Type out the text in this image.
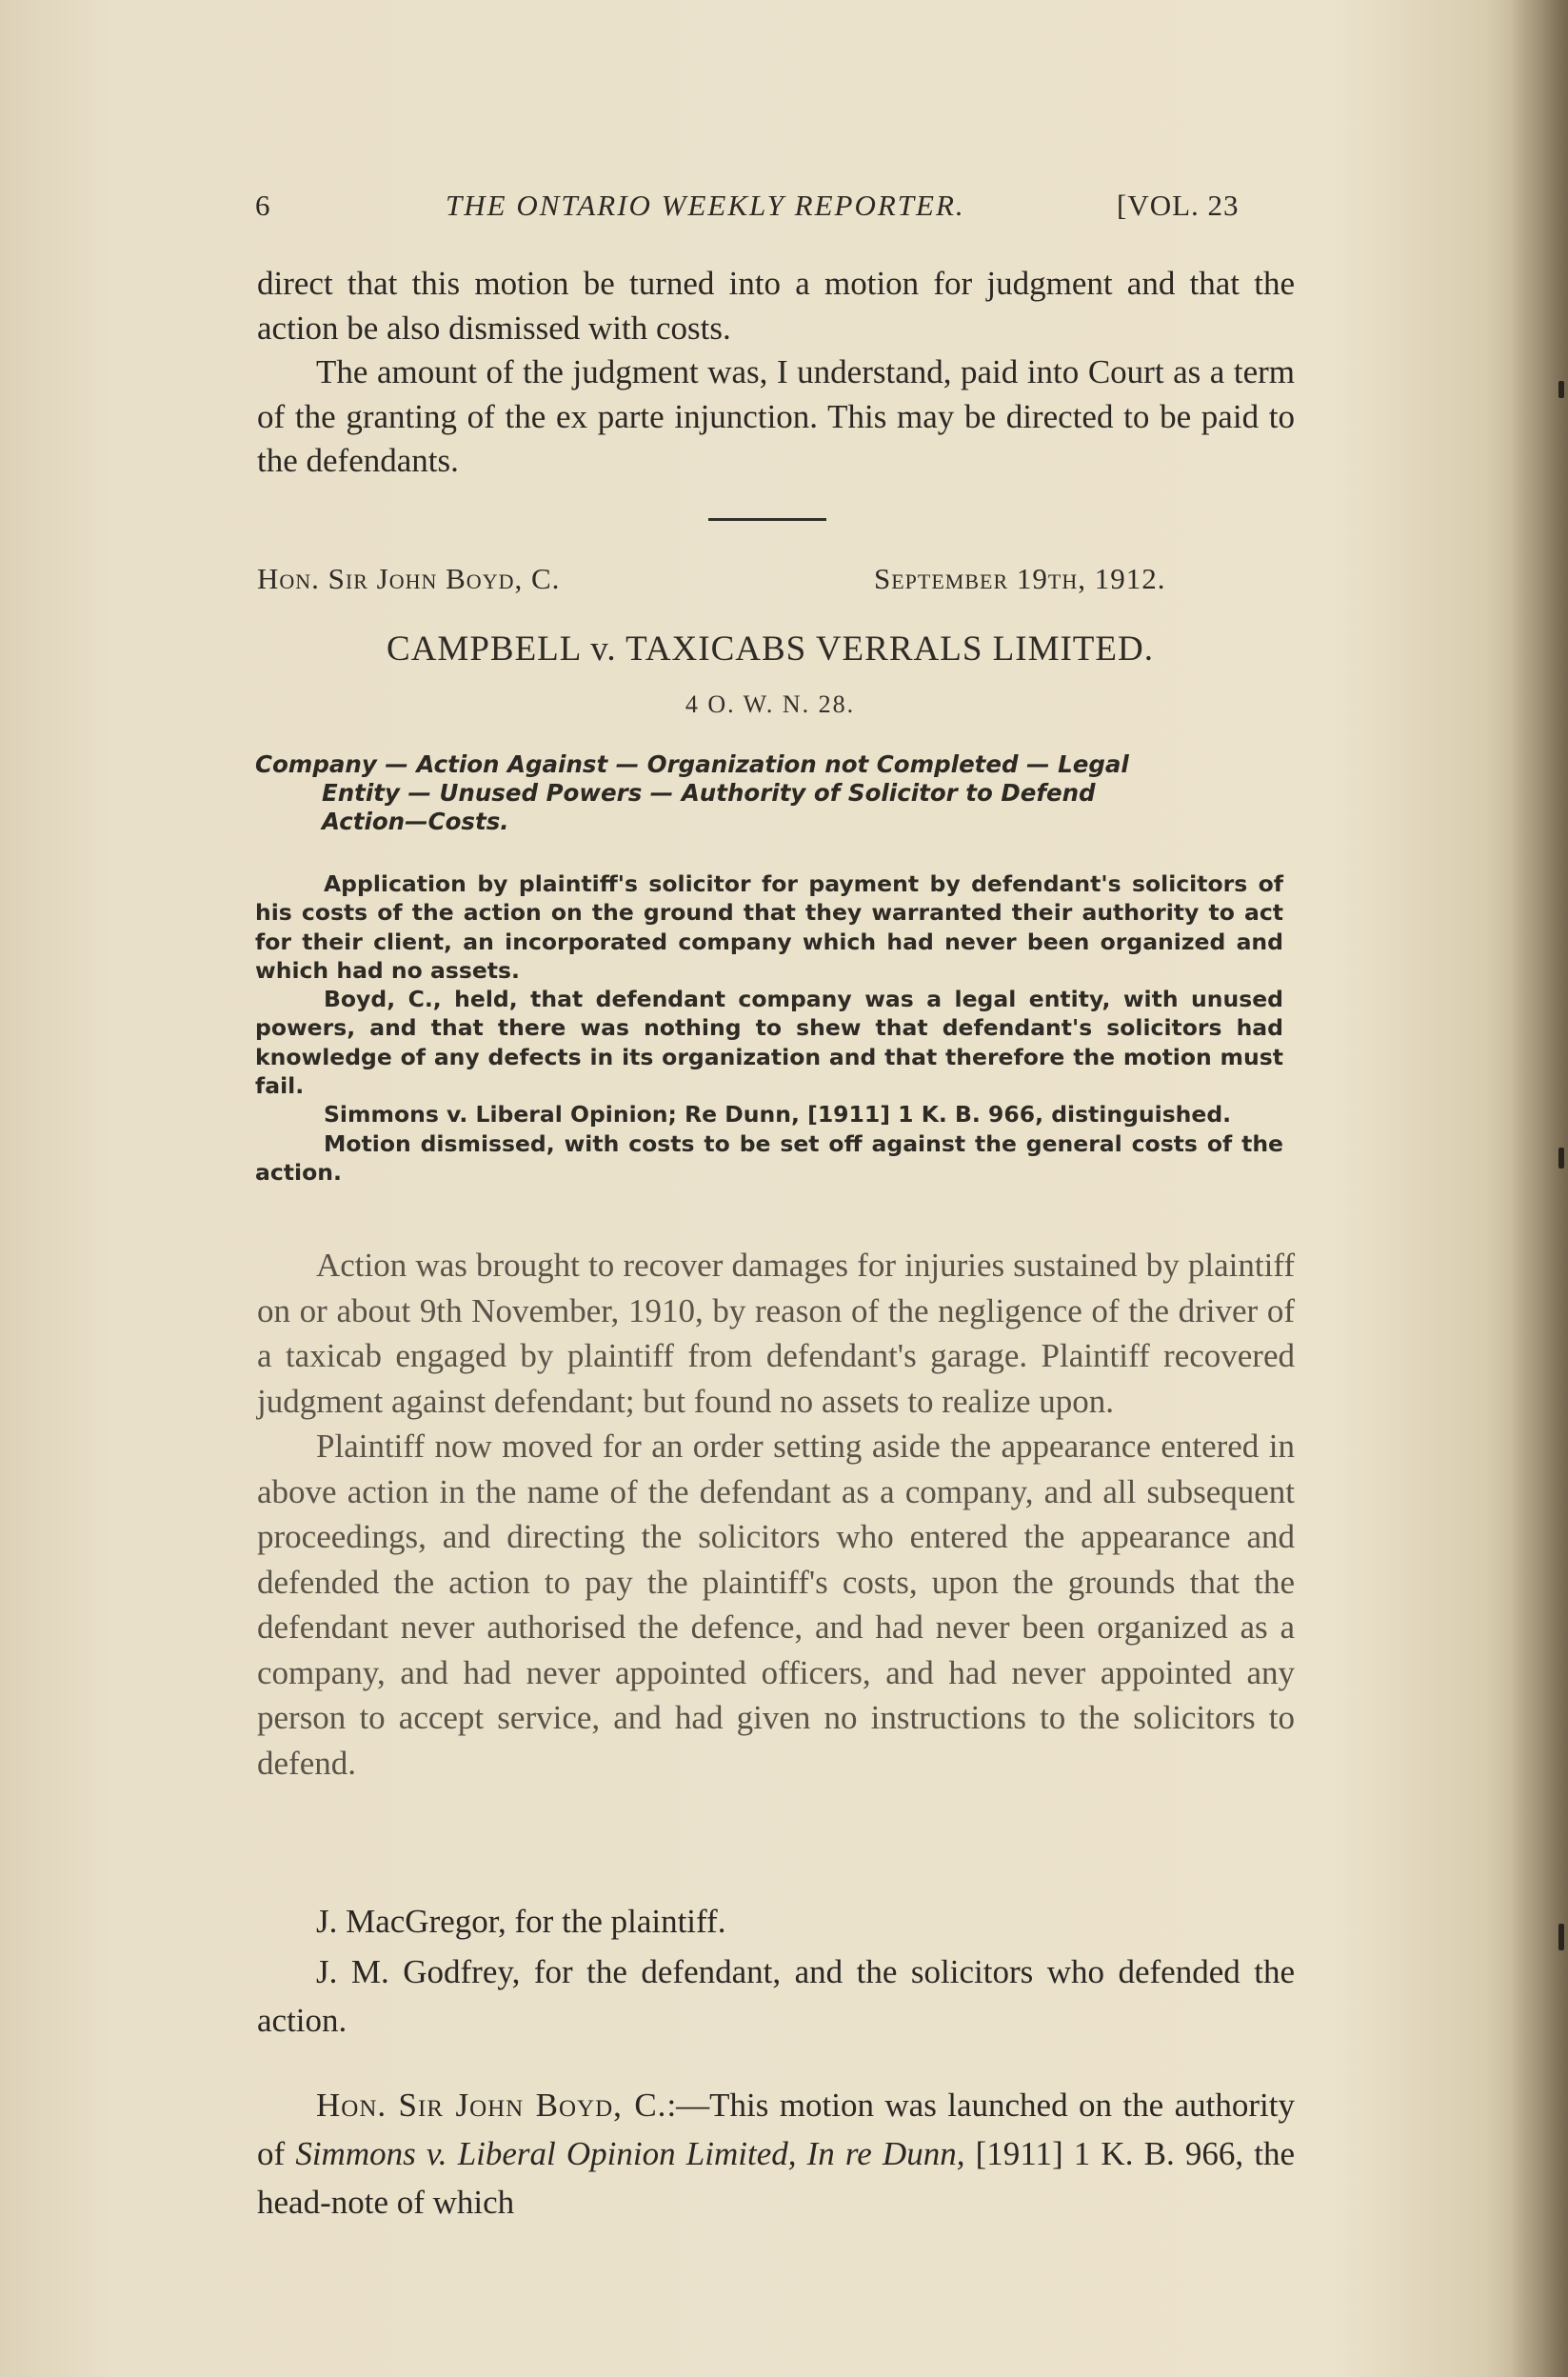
6	THE ONTARIO WEEKLY REPORTER.	[VOL. 23

direct that this motion be turned into a motion for judgment and that the action be also dismissed with costs.

The amount of the judgment was, I understand, paid into Court as a term of the granting of the ex parte injunction. This may be directed to be paid to the defendants.

Hon. Sir John Boyd, C.	September 19th, 1912.
CAMPBELL v. TAXICABS VERRALS LIMITED.
4 O. W. N. 28.
Company — Action Against — Organization not Completed — Legal
Entity — Unused Powers — Authority of Solicitor to Defend
Action—Costs.

Application by plaintiff's solicitor for payment by defendant's solicitors of his costs of the action on the ground that they warranted their authority to act for their client, an incorporated company which had never been organized and which had no assets.

Boyd, C., held, that defendant company was a legal entity, with unused powers, and that there was nothing to shew that defendant's solicitors had knowledge of any defects in its organization and that therefore the motion must fail.

Simmons v. Liberal Opinion; Re Dunn, [1911] 1 K. B. 966, distinguished.

Motion dismissed, with costs to be set off against the general costs of the action.

Action was brought to recover damages for injuries sustained by plaintiff on or about 9th November, 1910, by reason of the negligence of the driver of a taxicab engaged by plaintiff from defendant's garage. Plaintiff recovered judgment against defendant; but found no assets to realize upon.

Plaintiff now moved for an order setting aside the appearance entered in above action in the name of the defendant as a company, and all subsequent proceedings, and directing the solicitors who entered the appearance and defended the action to pay the plaintiff's costs, upon the grounds that the defendant never authorised the defence, and had never been organized as a company, and had never appointed officers, and had never appointed any person to accept service, and had given no instructions to the solicitors to defend.

J. MacGregor, for the plaintiff.

J. M. Godfrey, for the defendant, and the solicitors who defended the action.

Hon. Sir John Boyd, C.:—This motion was launched on the authority of Simmons v. Liberal Opinion Limited, In re Dunn, [1911] 1 K. B. 966, the head-note of which
